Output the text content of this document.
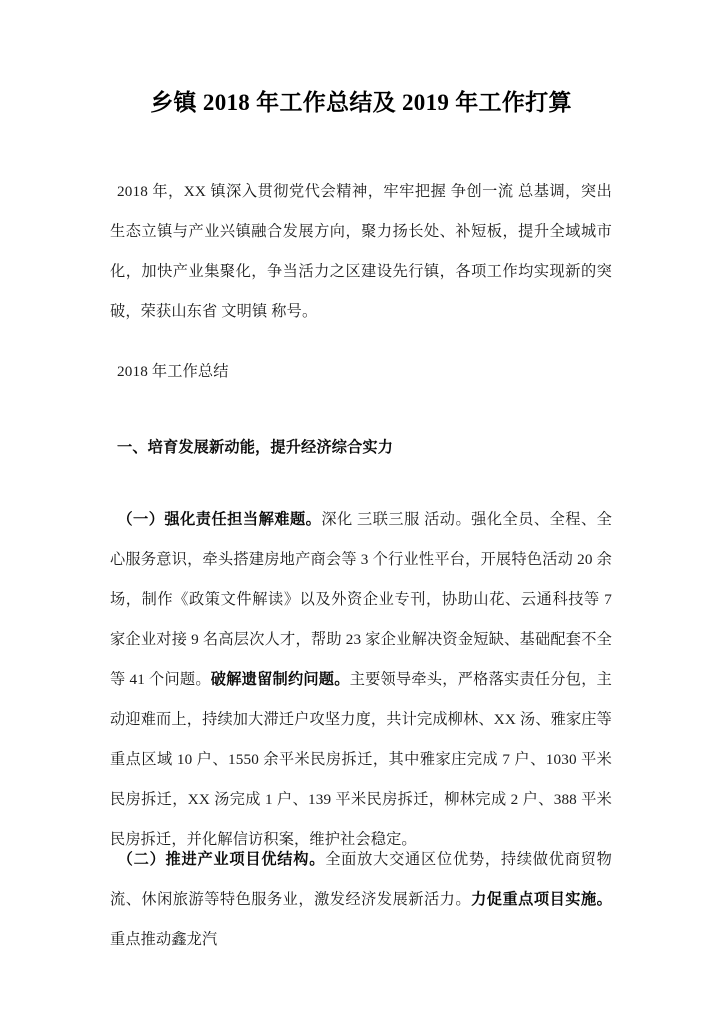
乡镇 2018 年工作总结及 2019 年工作打算

2018 年，XX 镇深入贯彻党代会精神，牢牢把握 争创一流 总基调，突出生态立镇与产业兴镇融合发展方向，聚力扬长处、补短板，提升全域城市化，加快产业集聚化，争当活力之区建设先行镇，各项工作均实现新的突破，荣获山东省 文明镇 称号。

2018 年工作总结

一、培育发展新动能，提升经济综合实力

（一）强化责任担当解难题。深化 三联三服 活动。强化全员、全程、全心服务意识，牵头搭建房地产商会等 3 个行业性平台，开展特色活动 20 余场，制作《政策文件解读》以及外资企业专刊，协助山花、云通科技等 7 家企业对接 9 名高层次人才，帮助 23 家企业解决资金短缺、基础配套不全等 41 个问题。破解遗留制约问题。主要领导牵头，严格落实责任分包，主动迎难而上，持续加大滞迁户攻坚力度，共计完成柳林、XX 汤、雅家庄等重点区域 10 户、1550 余平米民房拆迁，其中雅家庄完成 7 户、1030 平米民房拆迁，XX 汤完成 1 户、139 平米民房拆迁，柳林完成 2 户、388 平米民房拆迁，并化解信访积案，维护社会稳定。

（二）推进产业项目优结构。全面放大交通区位优势，持续做优商贸物流、休闲旅游等特色服务业，激发经济发展新活力。力促重点项目实施。重点推动鑫龙汽
